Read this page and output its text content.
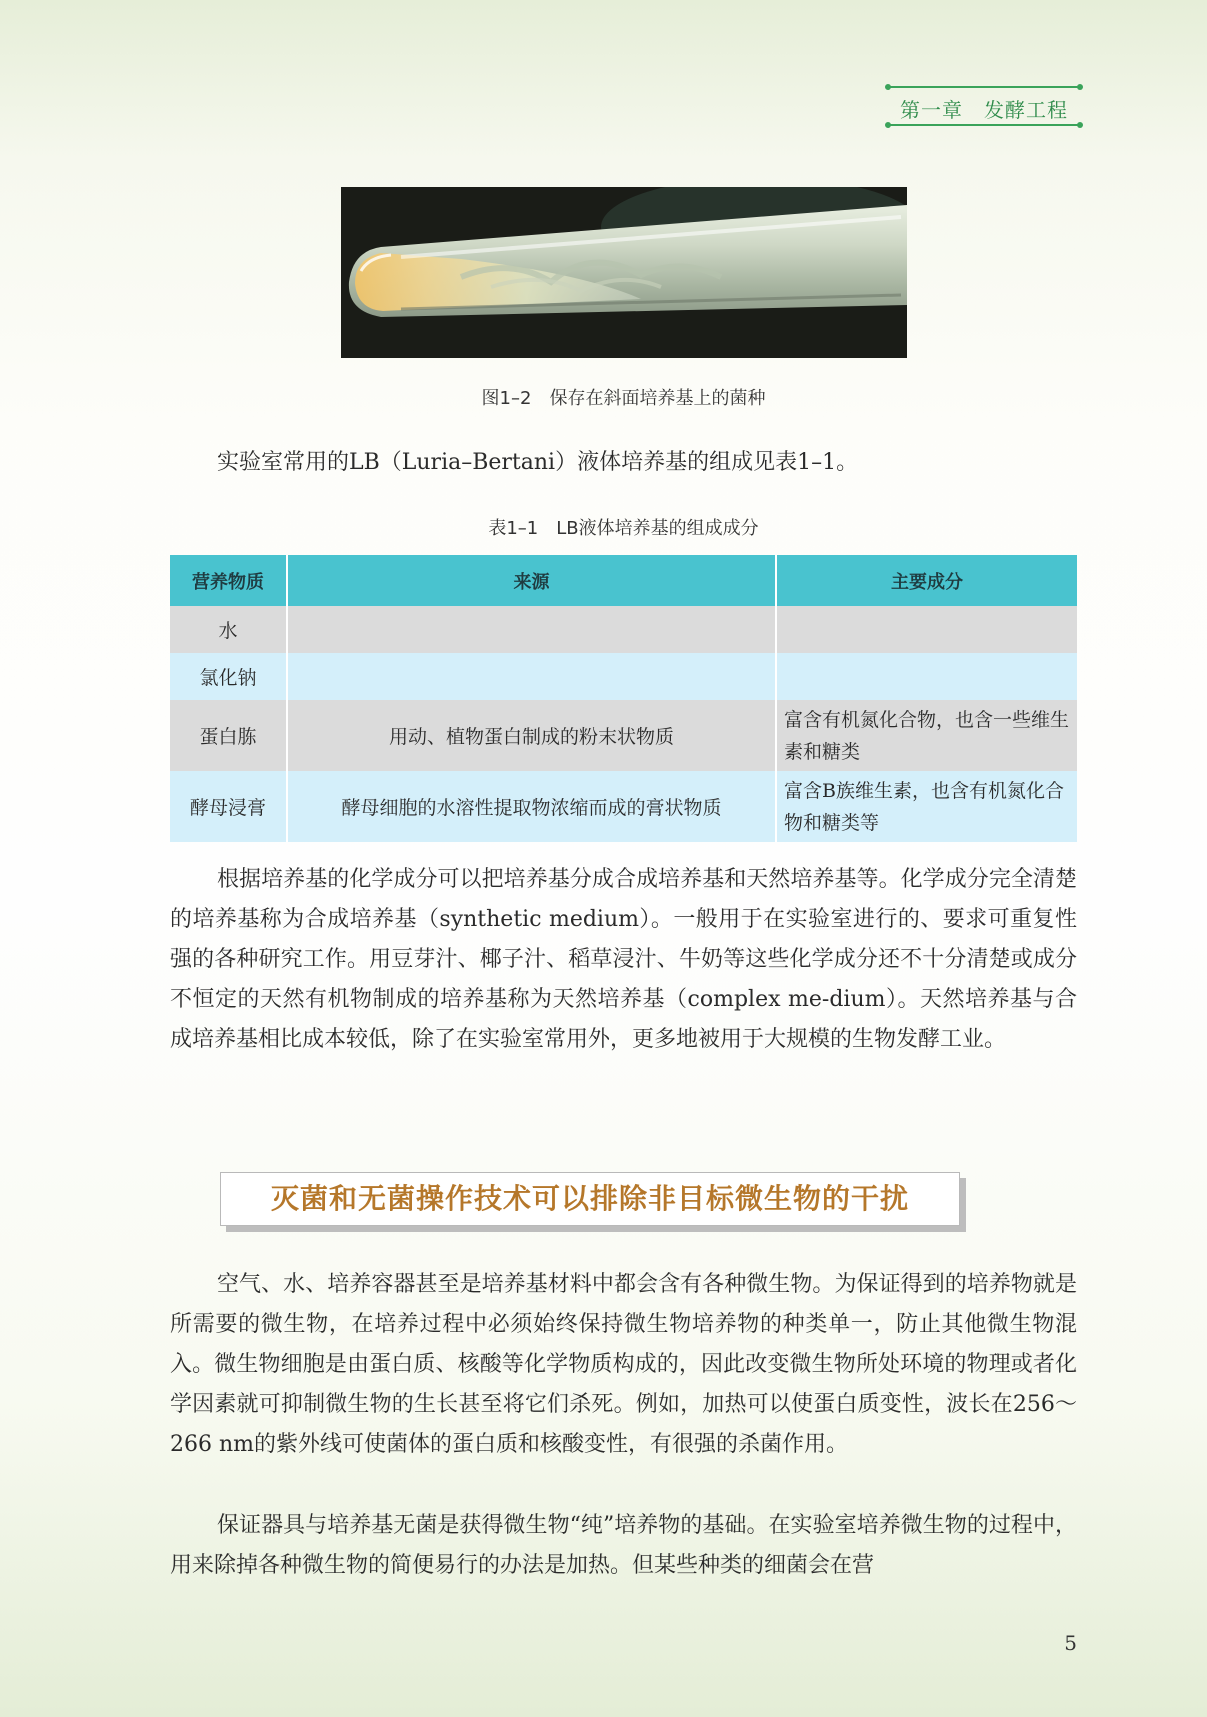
第一章　发酵工程
图1–2　保存在斜面培养基上的菌种

实验室常用的LB（Luria–Bertani）液体培养基的组成见表1–1。

表1–1　LB液体培养基的组成成分
营养物质	来源	主要成分
水		
氯化钠		
蛋白胨	用动、植物蛋白制成的粉末状物质	富含有机氮化合物，也含一些维生素和糖类
酵母浸膏	酵母细胞的水溶性提取物浓缩而成的膏状物质	富含B族维生素，也含有机氮化合物和糖类等

根据培养基的化学成分可以把培养基分成合成培养基和天然培养基等。化学成分完全清楚的培养基称为合成培养基（synthetic medium）。一般用于在实验室进行的、要求可重复性强的各种研究工作。用豆芽汁、椰子汁、稻草浸汁、牛奶等这些化学成分还不十分清楚或成分不恒定的天然有机物制成的培养基称为天然培养基（complex me-dium）。天然培养基与合成培养基相比成本较低，除了在实验室常用外，更多地被用于大规模的生物发酵工业。

灭菌和无菌操作技术可以排除非目标微生物的干扰

空气、水、培养容器甚至是培养基材料中都会含有各种微生物。为保证得到的培养物就是所需要的微生物，在培养过程中必须始终保持微生物培养物的种类单一，防止其他微生物混入。微生物细胞是由蛋白质、核酸等化学物质构成的，因此改变微生物所处环境的物理或者化学因素就可抑制微生物的生长甚至将它们杀死。例如，加热可以使蛋白质变性，波长在256～266 nm的紫外线可使菌体的蛋白质和核酸变性，有很强的杀菌作用。

保证器具与培养基无菌是获得微生物“纯”培养物的基础。在实验室培养微生物的过程中，用来除掉各种微生物的简便易行的办法是加热。但某些种类的细菌会在营

5
